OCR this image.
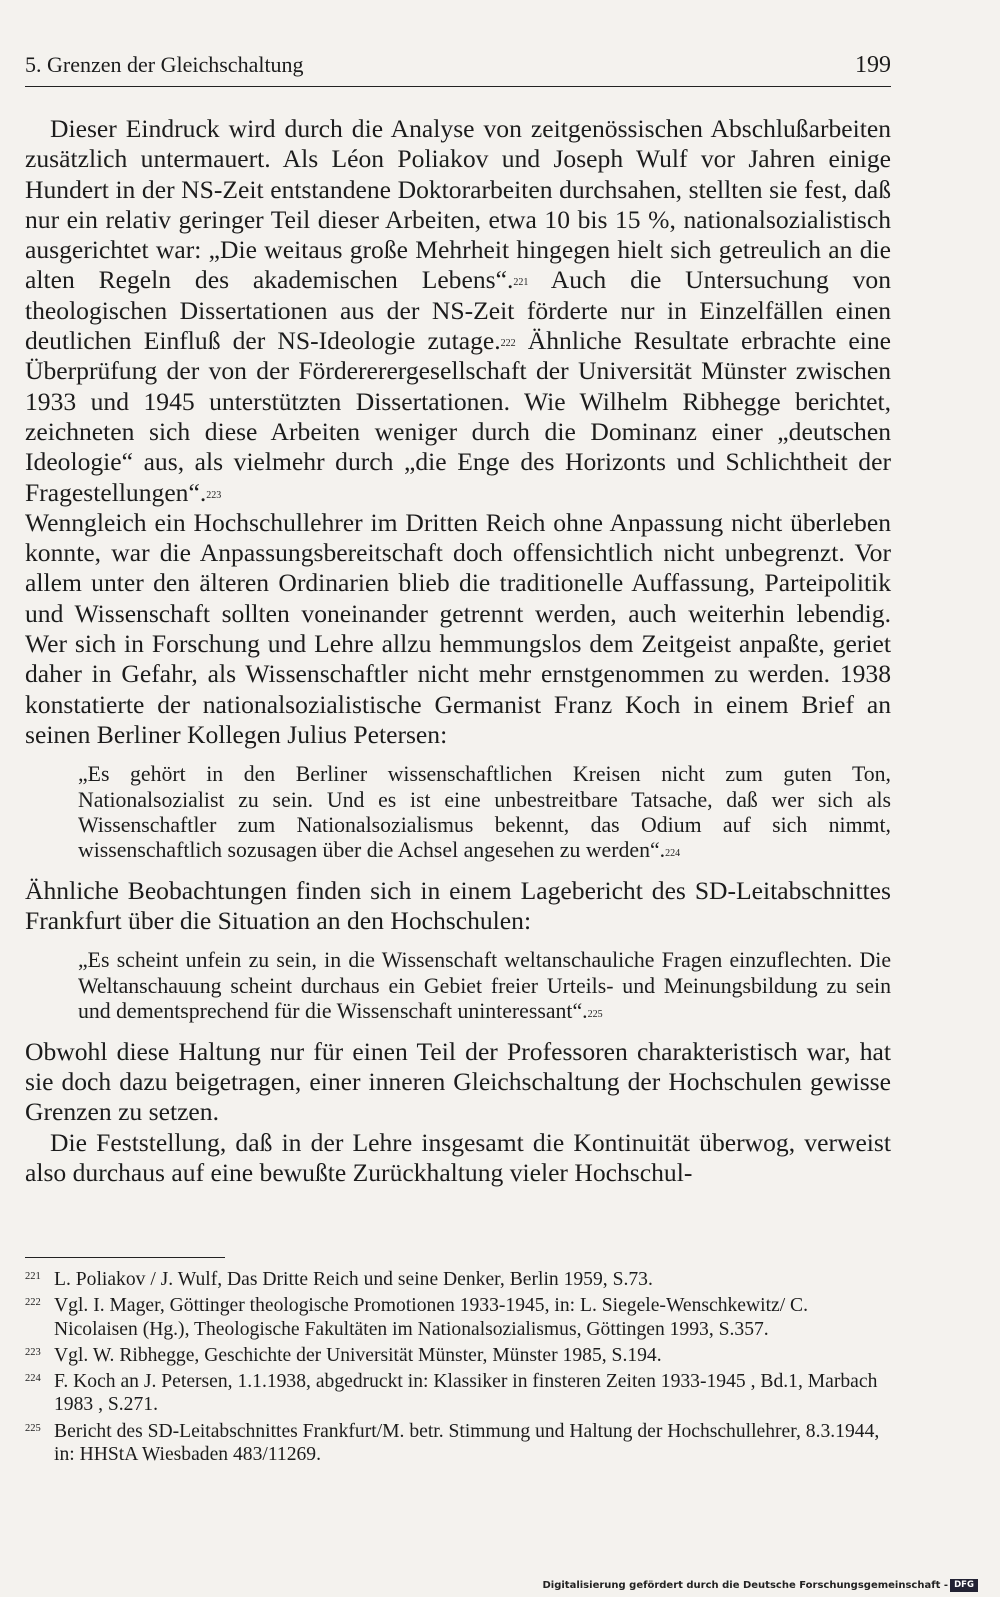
5. Grenzen der Gleichschaltung	199

Dieser Eindruck wird durch die Analyse von zeitgenössischen Abschlußarbeiten zusätzlich untermauert. Als Léon Poliakov und Joseph Wulf vor Jahren einige Hundert in der NS-Zeit entstandene Doktorarbeiten durchsahen, stellten sie fest, daß nur ein relativ geringer Teil dieser Arbeiten, etwa 10 bis 15 %, nationalsozialistisch ausgerichtet war: „Die weitaus große Mehrheit hingegen hielt sich getreulich an die alten Regeln des akademischen Lebens“.$^{221}$ Auch die Untersuchung von theologischen Dissertationen aus der NS-Zeit förderte nur in Einzelfällen einen deutlichen Einfluß der NS-Ideologie zutage.$^{222}$ Ähnliche Resultate erbrachte eine Überprüfung der von der Fördererergesellschaft der Universität Münster zwischen 1933 und 1945 unterstützten Dissertationen. Wie Wilhelm Ribhegge berichtet, zeichneten sich diese Arbeiten weniger durch die Dominanz einer „deutschen Ideologie“ aus, als vielmehr durch „die Enge des Horizonts und Schlichtheit der Fragestellungen“.$^{223}$

Wenngleich ein Hochschullehrer im Dritten Reich ohne Anpassung nicht überleben konnte, war die Anpassungsbereitschaft doch offensichtlich nicht unbegrenzt. Vor allem unter den älteren Ordinarien blieb die traditionelle Auffassung, Parteipolitik und Wissenschaft sollten voneinander getrennt werden, auch weiterhin lebendig. Wer sich in Forschung und Lehre allzu hemmungslos dem Zeitgeist anpaßte, geriet daher in Gefahr, als Wissenschaftler nicht mehr ernstgenommen zu werden. 1938 konstatierte der nationalsozialistische Germanist Franz Koch in einem Brief an seinen Berliner Kollegen Julius Petersen:

„Es gehört in den Berliner wissenschaftlichen Kreisen nicht zum guten Ton, Nationalsozialist zu sein. Und es ist eine unbestreitbare Tatsache, daß wer sich als Wissenschaftler zum Nationalsozialismus bekennt, das Odium auf sich nimmt, wissenschaftlich sozusagen über die Achsel angesehen zu werden“.$^{224}$

Ähnliche Beobachtungen finden sich in einem Lagebericht des SD-Leitabschnittes Frankfurt über die Situation an den Hochschulen:

„Es scheint unfein zu sein, in die Wissenschaft weltanschauliche Fragen einzuflechten. Die Weltanschauung scheint durchaus ein Gebiet freier Urteils- und Meinungsbildung zu sein und dementsprechend für die Wissenschaft uninteressant“.$^{225}$

Obwohl diese Haltung nur für einen Teil der Professoren charakteristisch war, hat sie doch dazu beigetragen, einer inneren Gleichschaltung der Hochschulen gewisse Grenzen zu setzen.

Die Feststellung, daß in der Lehre insgesamt die Kontinuität überwog, verweist also durchaus auf eine bewußte Zurückhaltung vieler Hochschul-

221 L. Poliakov / J. Wulf, Das Dritte Reich und seine Denker, Berlin 1959, S.73.
222 Vgl. I. Mager, Göttinger theologische Promotionen 1933-1945, in: L. Siegele-Wenschkewitz/ C. Nicolaisen (Hg.), Theologische Fakultäten im Nationalsozialismus, Göttingen 1993, S.357.
223 Vgl. W. Ribhegge, Geschichte der Universität Münster, Münster 1985, S.194.
224 F. Koch an J. Petersen, 1.1.1938, abgedruckt in: Klassiker in finsteren Zeiten 1933-1945 , Bd.1, Marbach 1983 , S.271.
225 Bericht des SD-Leitabschnittes Frankfurt/M. betr. Stimmung und Haltung der Hochschullehrer, 8.3.1944, in: HHStA Wiesbaden 483/11269.
Digitalisierung gefördert durch die Deutsche Forschungsgemeinschaft - DFG
